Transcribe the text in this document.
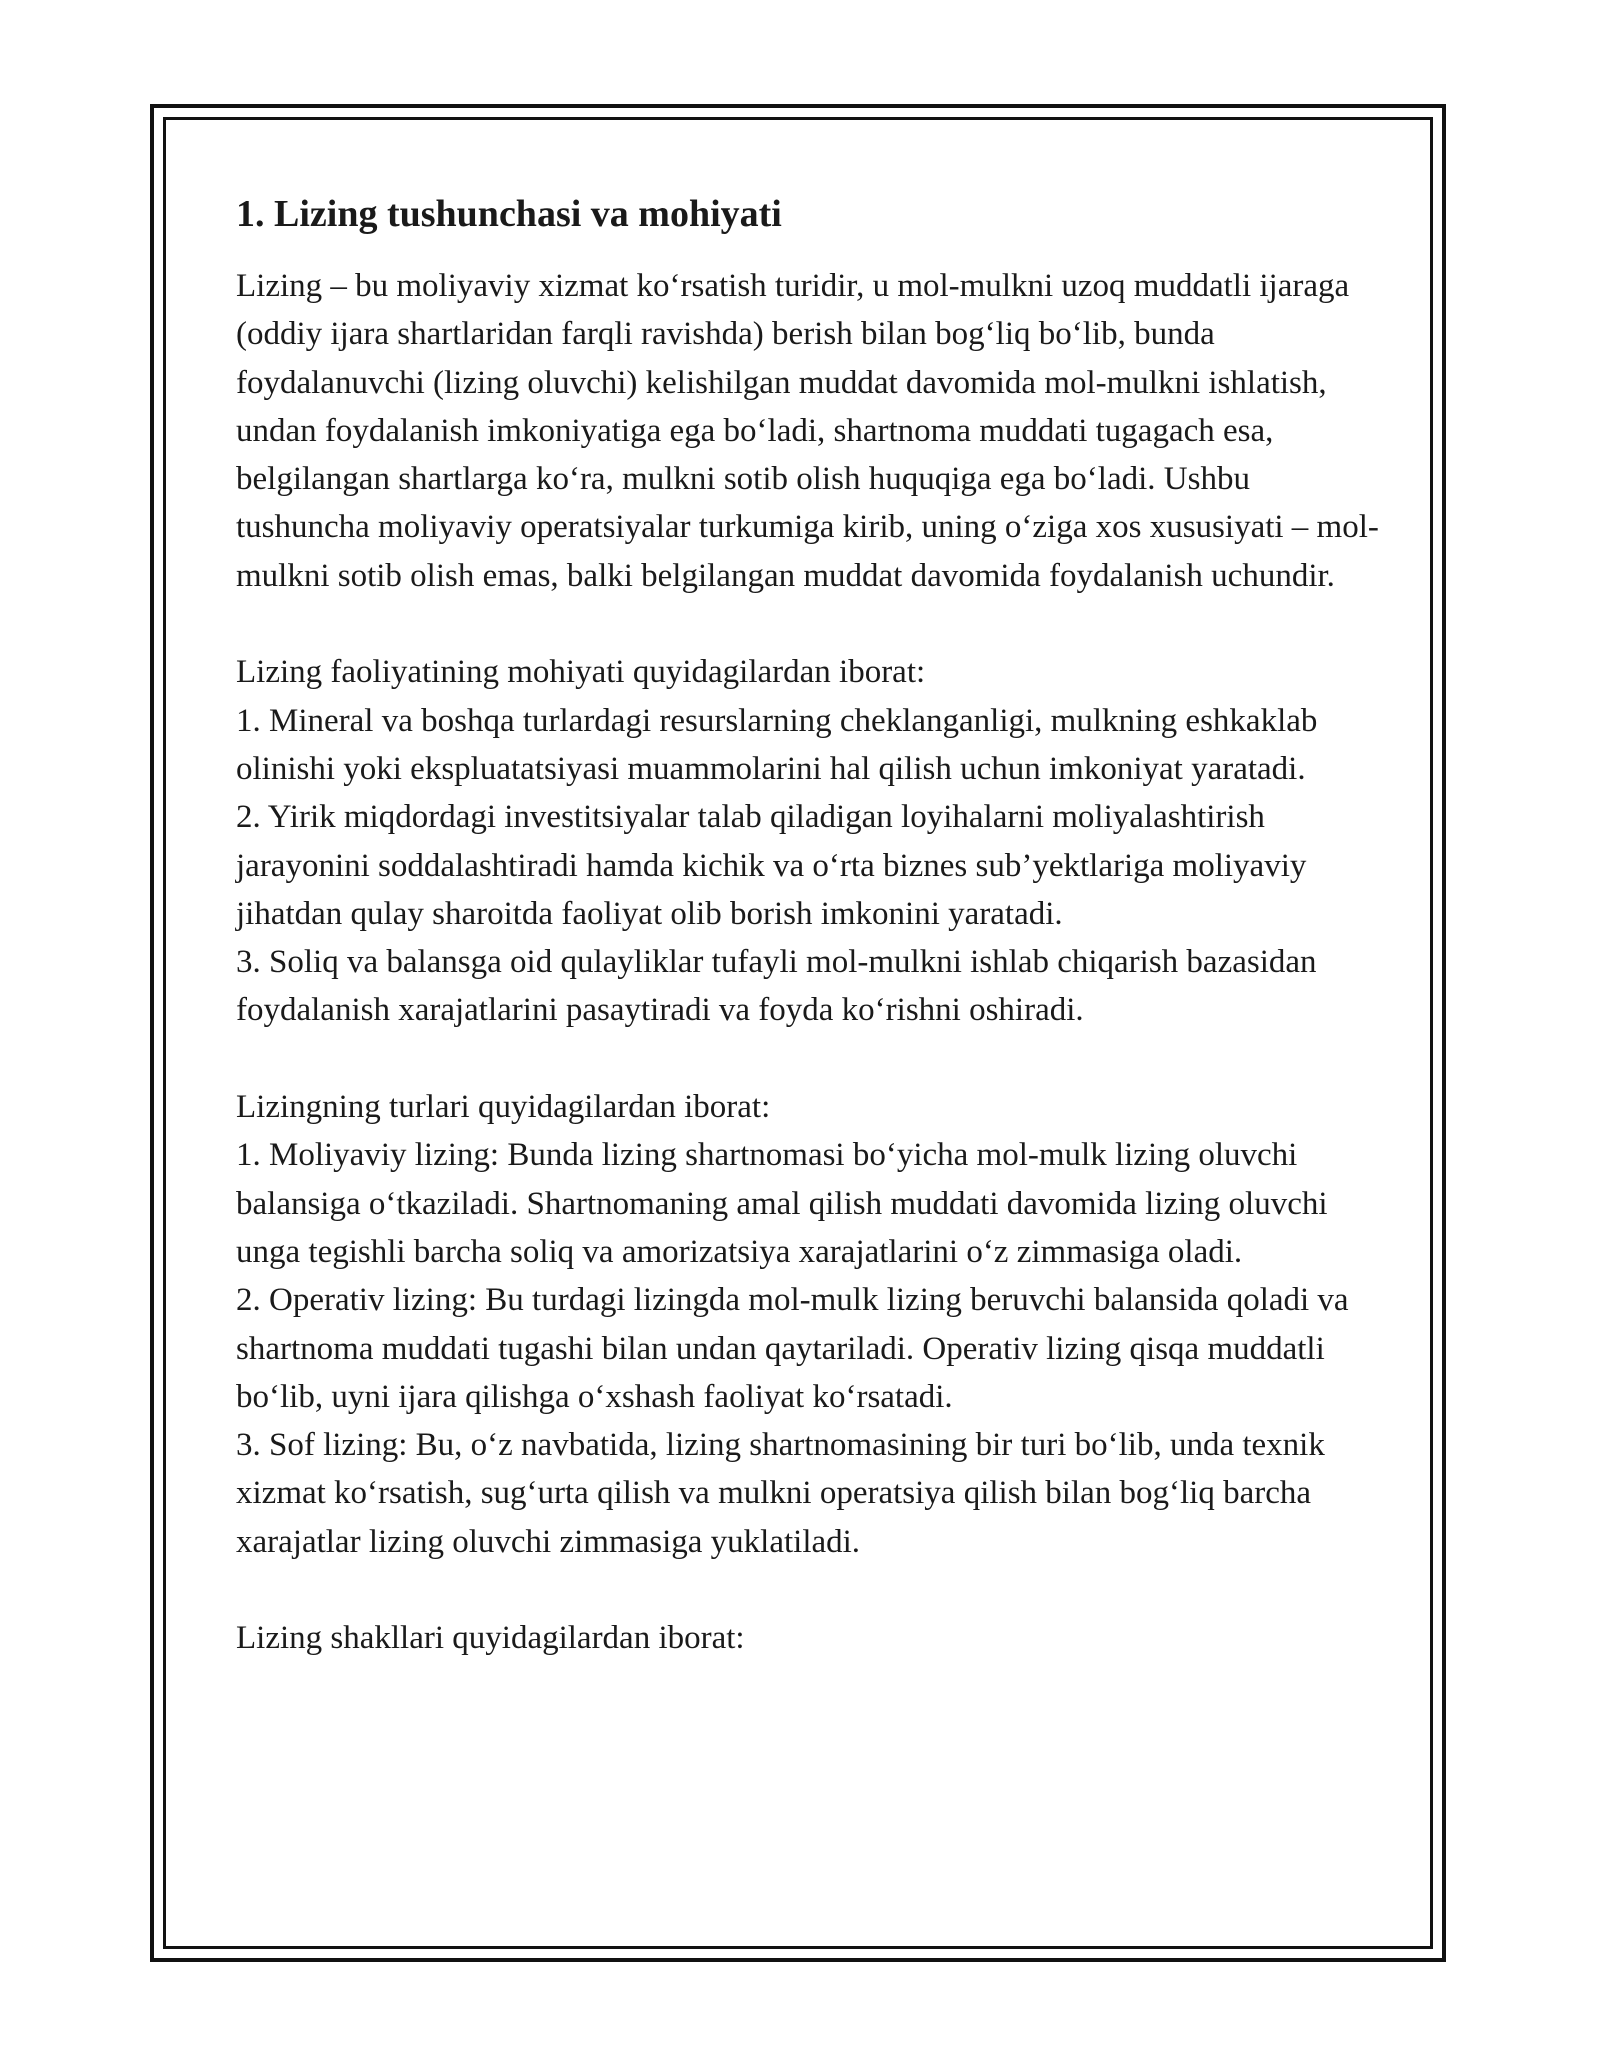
1. Lizing tushunchasi va mohiyati

Lizing – bu moliyaviy xizmat koʻrsatish turidir, u mol-mulkni uzoq muddatli ijaraga (oddiy ijara shartlaridan farqli ravishda) berish bilan bogʻliq boʻlib, bunda foydalanuvchi (lizing oluvchi) kelishilgan muddat davomida mol-mulkni ishlatish, undan foydalanish imkoniyatiga ega boʻladi, shartnoma muddati tugagach esa, belgilangan shartlarga koʻra, mulkni sotib olish huquqiga ega boʻladi. Ushbu tushuncha moliyaviy operatsiyalar turkumiga kirib, uning oʻziga xos xususiyati – mol-mulkni sotib olish emas, balki belgilangan muddat davomida foydalanish uchundir.

Lizing faoliyatining mohiyati quyidagilardan iborat:

1. Mineral va boshqa turlardagi resurslarning cheklanganligi, mulkning eshkaklab olinishi yoki ekspluatatsiyasi muammolarini hal qilish uchun imkoniyat yaratadi.

2. Yirik miqdordagi investitsiyalar talab qiladigan loyihalarni moliyalashtirish jarayonini soddalashtiradi hamda kichik va oʻrta biznes sub’yektlariga moliyaviy jihatdan qulay sharoitda faoliyat olib borish imkonini yaratadi.

3. Soliq va balansga oid qulayliklar tufayli mol-mulkni ishlab chiqarish bazasidan foydalanish xarajatlarini pasaytiradi va foyda koʻrishni oshiradi.

Lizingning turlari quyidagilardan iborat:

1. Moliyaviy lizing: Bunda lizing shartnomasi boʻyicha mol-mulk lizing oluvchi balansiga oʻtkaziladi. Shartnomaning amal qilish muddati davomida lizing oluvchi unga tegishli barcha soliq va amorizatsiya xarajatlarini oʻz zimmasiga oladi.

2. Operativ lizing: Bu turdagi lizingda mol-mulk lizing beruvchi balansida qoladi va shartnoma muddati tugashi bilan undan qaytariladi. Operativ lizing qisqa muddatli boʻlib, uyni ijara qilishga oʻxshash faoliyat koʻrsatadi.

3. Sof lizing: Bu, oʻz navbatida, lizing shartnomasining bir turi boʻlib, unda texnik xizmat koʻrsatish, sugʻurta qilish va mulkni operatsiya qilish bilan bogʻliq barcha xarajatlar lizing oluvchi zimmasiga yuklatiladi.

Lizing shakllari quyidagilardan iborat:
